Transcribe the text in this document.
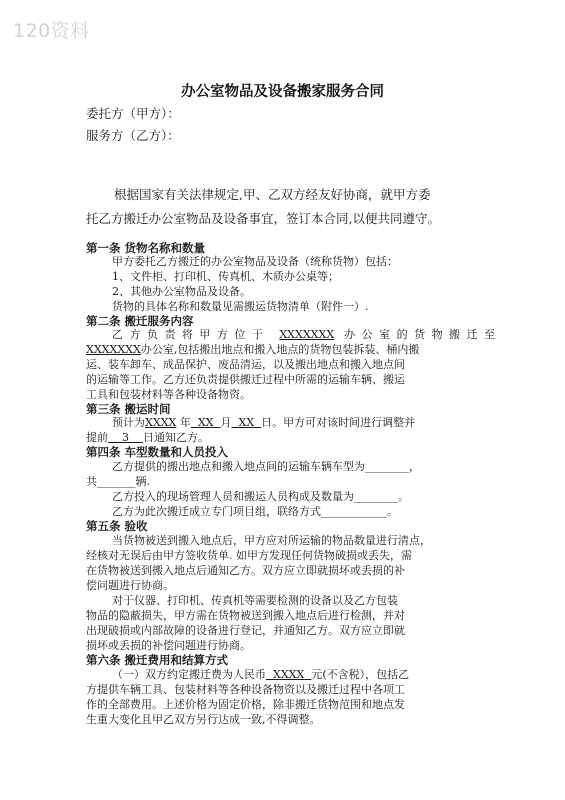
120资料
办公室物品及设备搬家服务合同
委托方（甲方）：
服务方（乙方）：
根据国家有关法律规定,甲、乙双方经友好协商，就甲方委
托乙方搬迁办公室物品及设备事宜，签订本合同,以便共同遵守。
第一条 货物名称和数量
甲方委托乙方搬迁的办公室物品及设备（统称货物）包括：
1、文件柜、打印机、传真机、木质办公桌等；
2、其他办公室物品及设备。
货物的具体名称和数量见需搬运货物清单（附件一）.
第二条 搬迁服务内容
乙方负责将甲方位于 XXXXXXX 办公室的货物搬迁至
XXXXXXX办公室,包括搬出地点和搬入地点的货物包装拆装、桶内搬
运、装车卸车、成品保护、废品清运，以及搬出地点和搬入地点间
的运输等工作。乙方还负责提供搬迁过程中所需的运输车辆、搬运
工具和包装材料等各种设备物资。
第三条 搬运时间
预计为XXXX 年 XX 月 XX 日。甲方可对该时间进行调整并
提前 3 日通知乙方。
第四条 车型数量和人员投入
乙方提供的搬出地点和搬入地点间的运输车辆车型为________，
共_______辆.
乙方投入的现场管理人员和搬运人员构成及数量为________。
乙方为此次搬迁成立专门项目组，联络方式____________。
第五条 验收
当货物被送到搬入地点后，甲方应对所运输的物品数量进行清点，
经核对无误后由甲方签收货单. 如甲方发现任何货物破损或丢失，需
在货物被送到搬入地点后通知乙方。双方应立即就损坏或丢损的补
偿问题进行协商。
对于仪器、打印机、传真机等需要检测的设备以及乙方包装
物品的隐蔽损失，甲方需在货物被送到搬入地点后进行检测，并对
出现破损或内部故障的设备进行登记，并通知乙方。双方应立即就
损坏或丢损的补偿问题进行协商。
第六条 搬迁费用和结算方式
（一）双方约定搬迁费为人民币 XXXX 元(不含税），包括乙
方提供车辆工具、包装材料等各种设备物资以及搬迁过程中各项工
作的全部费用。上述价格为固定价格，除非搬迁货物范围和地点发
生重大变化且甲乙双方另行达成一致,不得调整。
